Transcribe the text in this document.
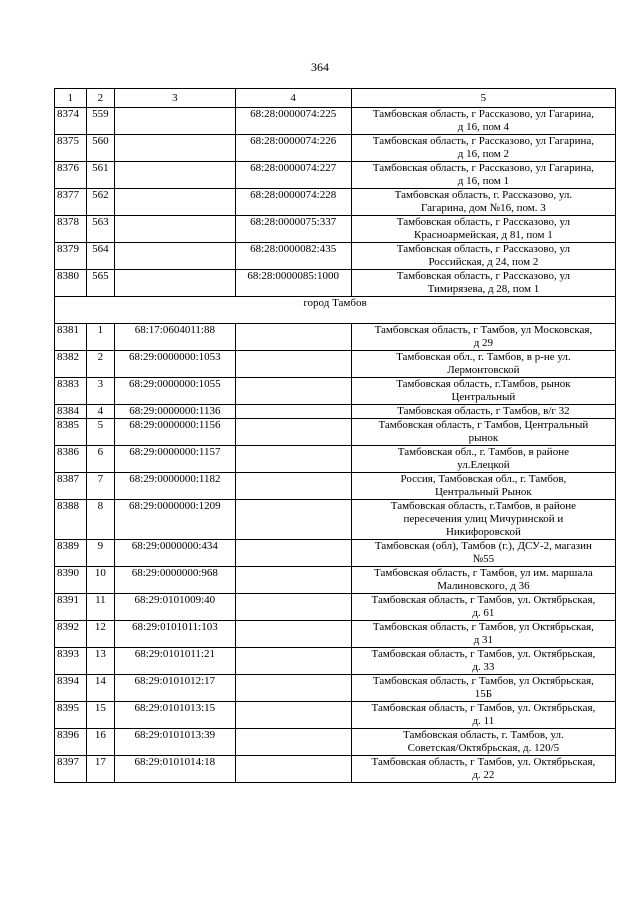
364
1	2	3	4	5
8374	559		68:28:0000074:225	Тамбовская область, г Рассказово, ул Гагарина,
д 16, пом 4

8375	560		68:28:0000074:226	Тамбовская область, г Рассказово, ул Гагарина,
д 16, пом 2

8376	561		68:28:0000074:227	Тамбовская область, г Рассказово, ул Гагарина,
д 16, пом 1

8377	562		68:28:0000074:228	Тамбовская область, г. Рассказово, ул.
Гагарина, дом №16, пом. 3

8378	563		68:28:0000075:337	Тамбовская область, г Рассказово, ул
Красноармейская, д 81, пом 1

8379	564		68:28:0000082:435	Тамбовская область, г Рассказово, ул
Российская, д 24, пом 2

8380	565		68:28:0000085:1000	Тамбовская область, г Рассказово, ул
Тимирязева, д 28, пом 1

город Тамбов				
8381	1	68:17:0604011:88		Тамбовская область, г Тамбов, ул Московская,
д 29

8382	2	68:29:0000000:1053		Тамбовская обл., г. Тамбов, в р-не ул.
Лермонтовской

8383	3	68:29:0000000:1055		Тамбовская область, г.Тамбов, рынок
Центральный

8384	4	68:29:0000000:1136		Тамбовская область, г Тамбов, в/г 32

8385	5	68:29:0000000:1156		Тамбовская область, г Тамбов, Центральный
рынок

8386	6	68:29:0000000:1157		Тамбовская обл., г. Тамбов, в районе
ул.Елецкой

8387	7	68:29:0000000:1182		Россия, Тамбовская обл., г. Тамбов,
Центральный Рынок

8388	8	68:29:0000000:1209		Тамбовская область, г.Тамбов, в районе
пересечения улиц Мичуринской и
Никифоровской

8389	9	68:29:0000000:434		Тамбовская (обл), Тамбов (г.), ДСУ-2, магазин
№55

8390	10	68:29:0000000:968		Тамбовская область, г Тамбов, ул им. маршала
Малиновского, д 36

8391	11	68:29:0101009:40		Тамбовская область, г Тамбов, ул. Октябрьская,
д. 61

8392	12	68:29:0101011:103		Тамбовская область, г Тамбов, ул Октябрьская,
д 31

8393	13	68:29:0101011:21		Тамбовская область, г Тамбов, ул. Октябрьская,
д. 33

8394	14	68:29:0101012:17		Тамбовская область, г Тамбов, ул Октябрьская,
15Б

8395	15	68:29:0101013:15		Тамбовская область, г Тамбов, ул. Октябрьская,
д. 11

8396	16	68:29:0101013:39		Тамбовская область, г. Тамбов, ул.
Советская/Октябрьская, д. 120/5

8397	17	68:29:0101014:18		Тамбовская область, г Тамбов, ул. Октябрьская,
д. 22
